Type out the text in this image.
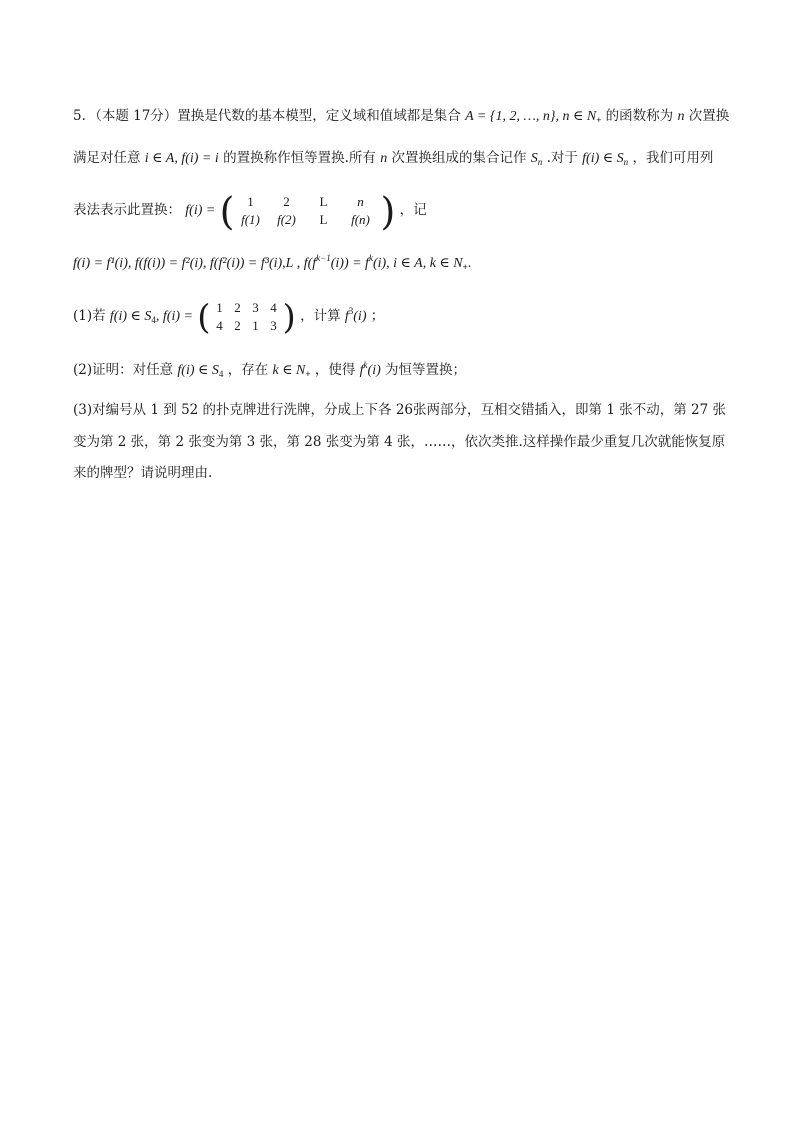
5．（本题 17分）置换是代数的基本模型，定义域和值域都是集合 A = {1, 2, …, n}, n ∈ $N_+$ 的函数称为 n 次置换
满足对任意 i ∈ A, f(i) = i 的置换称作恒等置换.所有 n 次置换组成的集合记作 $S_n$ .对于 f(i) ∈ $S_n$ ，我们可用列
表法表示此置换： f(i) = ( 1	2	L	n
f(1)	f(2)	L	f(n) ) ，记
f(i) = f¹(i), f(f(i)) = f²(i), f(f²(i)) = f³(i),L , $f(f^{k-1}(i)) = f^k(i)$, i ∈ A, k ∈ $N_+$.
(1)若 f(i) ∈ $S_4$, f(i) = ( 1 2 3 4
4 2 1 3 ) ，计算 $f^3(i)$ ；
(2)证明：对任意 f(i) ∈ $S_4$ ，存在 k ∈ $N_+$ ，使得 $f^k(i)$ 为恒等置换；
(3)对编号从 1 到 52 的扑克牌进行洗牌，分成上下各 26张两部分，互相交错插入，即第 1 张不动，第 27 张
变为第 2 张，第 2 张变为第 3 张，第 28 张变为第 4 张，……，依次类推.这样操作最少重复几次就能恢复原
来的牌型？请说明理由.
